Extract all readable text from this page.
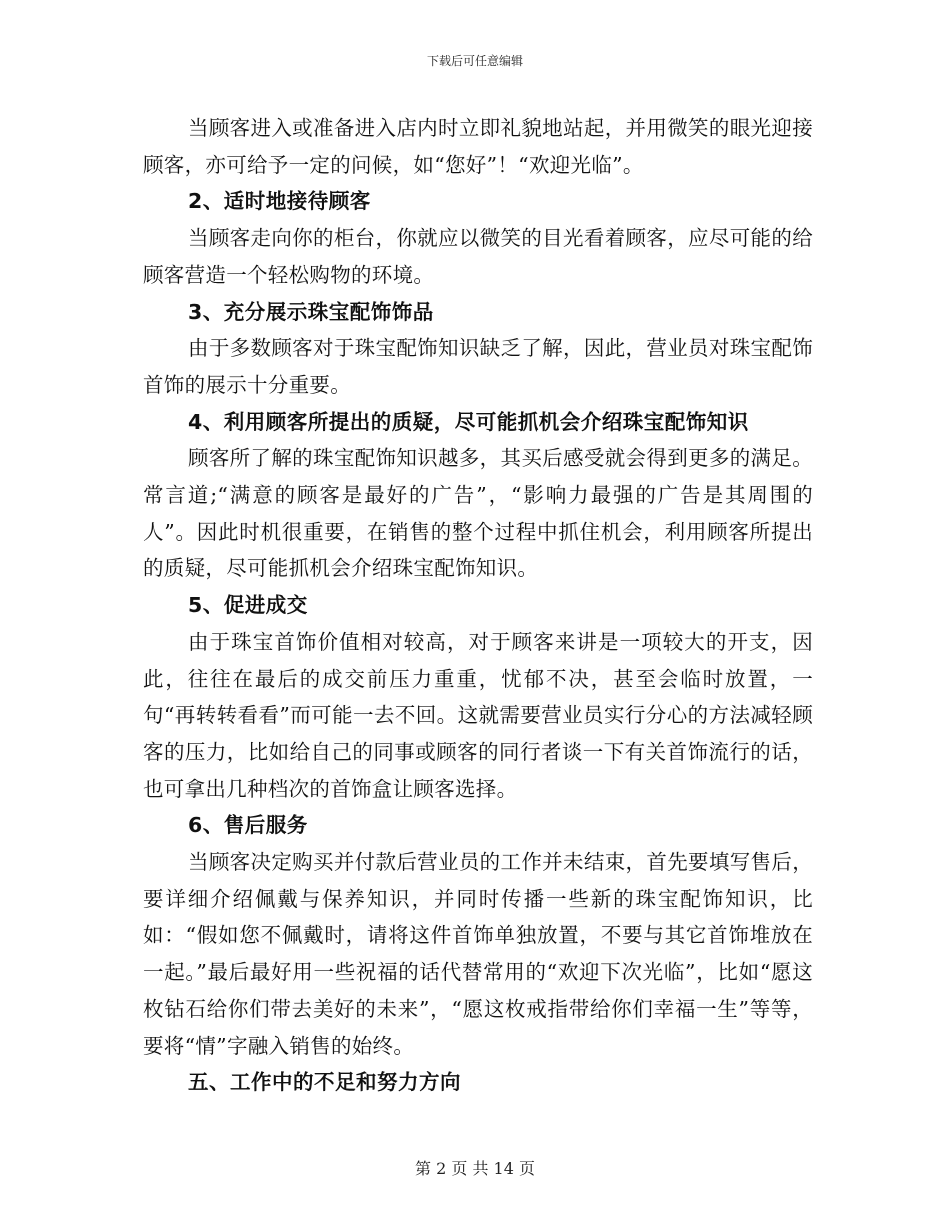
下载后可任意编辑

当顾客进入或准备进入店内时立即礼貌地站起，并用微笑的眼光迎接顾客，亦可给予一定的问候，如“您好”！“欢迎光临”。

2、适时地接待顾客

当顾客走向你的柜台，你就应以微笑的目光看着顾客，应尽可能的给顾客营造一个轻松购物的环境。

3、充分展示珠宝配饰饰品

由于多数顾客对于珠宝配饰知识缺乏了解，因此，营业员对珠宝配饰首饰的展示十分重要。

4、利用顾客所提出的质疑，尽可能抓机会介绍珠宝配饰知识

顾客所了解的珠宝配饰知识越多，其买后感受就会得到更多的满足。常言道;“满意的顾客是最好的广告”，“影响力最强的广告是其周围的人”。因此时机很重要，在销售的整个过程中抓住机会，利用顾客所提出的质疑，尽可能抓机会介绍珠宝配饰知识。

5、促进成交

由于珠宝首饰价值相对较高，对于顾客来讲是一项较大的开支，因此，往往在最后的成交前压力重重，忧郁不决，甚至会临时放置，一句“再转转看看”而可能一去不回。这就需要营业员实行分心的方法减轻顾客的压力，比如给自己的同事或顾客的同行者谈一下有关首饰流行的话，也可拿出几种档次的首饰盒让顾客选择。

6、售后服务

当顾客决定购买并付款后营业员的工作并未结束，首先要填写售后，要详细介绍佩戴与保养知识，并同时传播一些新的珠宝配饰知识，比如：“假如您不佩戴时，请将这件首饰单独放置，不要与其它首饰堆放在一起。”最后最好用一些祝福的话代替常用的“欢迎下次光临”，比如“愿这枚钻石给你们带去美好的未来”，“愿这枚戒指带给你们幸福一生”等等，要将“情”字融入销售的始终。

五、工作中的不足和努力方向

第 2 页 共 14 页
